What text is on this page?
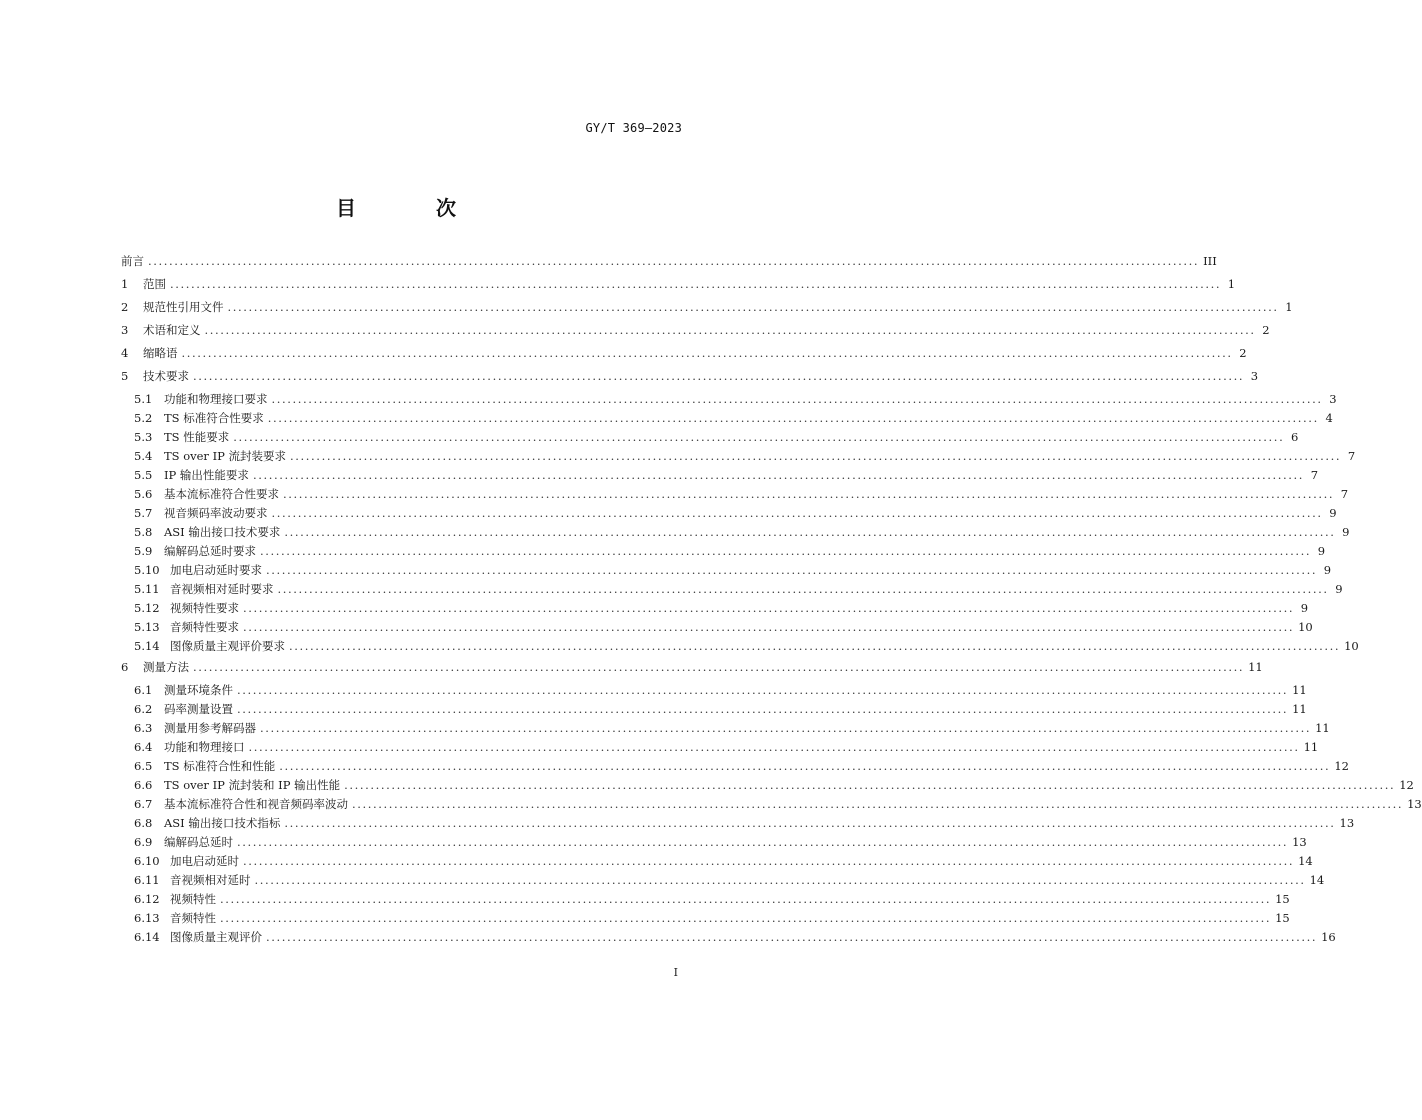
GY/T 369—2023
目　次
前言 ........................................................................................................................................................................................................ III
1	范围 ........................................................................................................................................................................................................ 1
2	规范性引用文件 ........................................................................................................................................................................................................ 1
3	术语和定义 ........................................................................................................................................................................................................ 2
4	缩略语 ........................................................................................................................................................................................................ 2
5	技术要求 ........................................................................................................................................................................................................ 3
5.1	功能和物理接口要求 ........................................................................................................................................................................................................ 3
5.2	TS 标准符合性要求 ........................................................................................................................................................................................................ 4
5.3	TS 性能要求 ........................................................................................................................................................................................................ 6
5.4	TS over IP 流封装要求 ........................................................................................................................................................................................................ 7
5.5	IP 输出性能要求 ........................................................................................................................................................................................................ 7
5.6	基本流标准符合性要求 ........................................................................................................................................................................................................ 7
5.7	视音频码率波动要求 ........................................................................................................................................................................................................ 9
5.8	ASI 输出接口技术要求 ........................................................................................................................................................................................................ 9
5.9	编解码总延时要求 ........................................................................................................................................................................................................ 9
5.10 加电启动延时要求 ........................................................................................................................................................................................................ 9
5.11 音视频相对延时要求 ........................................................................................................................................................................................................ 9
5.12 视频特性要求 ........................................................................................................................................................................................................ 9
5.13 音频特性要求 ........................................................................................................................................................................................................ 10
5.14 图像质量主观评价要求 ........................................................................................................................................................................................................ 10
6	测量方法 ........................................................................................................................................................................................................ 11
6.1	测量环境条件 ........................................................................................................................................................................................................ 11
6.2	码率测量设置 ........................................................................................................................................................................................................ 11
6.3	测量用参考解码器 ........................................................................................................................................................................................................ 11
6.4	功能和物理接口 ........................................................................................................................................................................................................ 11
6.5	TS 标准符合性和性能 ........................................................................................................................................................................................................ 12
6.6	TS over IP 流封装和 IP 输出性能 ........................................................................................................................................................................................................ 12
6.7	基本流标准符合性和视音频码率波动 ........................................................................................................................................................................................................ 13
6.8	ASI 输出接口技术指标 ........................................................................................................................................................................................................ 13
6.9	编解码总延时 ........................................................................................................................................................................................................ 13
6.10 加电启动延时 ........................................................................................................................................................................................................ 14
6.11 音视频相对延时 ........................................................................................................................................................................................................ 14
6.12 视频特性 ........................................................................................................................................................................................................ 15
6.13 音频特性 ........................................................................................................................................................................................................ 15
6.14 图像质量主观评价 ........................................................................................................................................................................................................ 16
I
